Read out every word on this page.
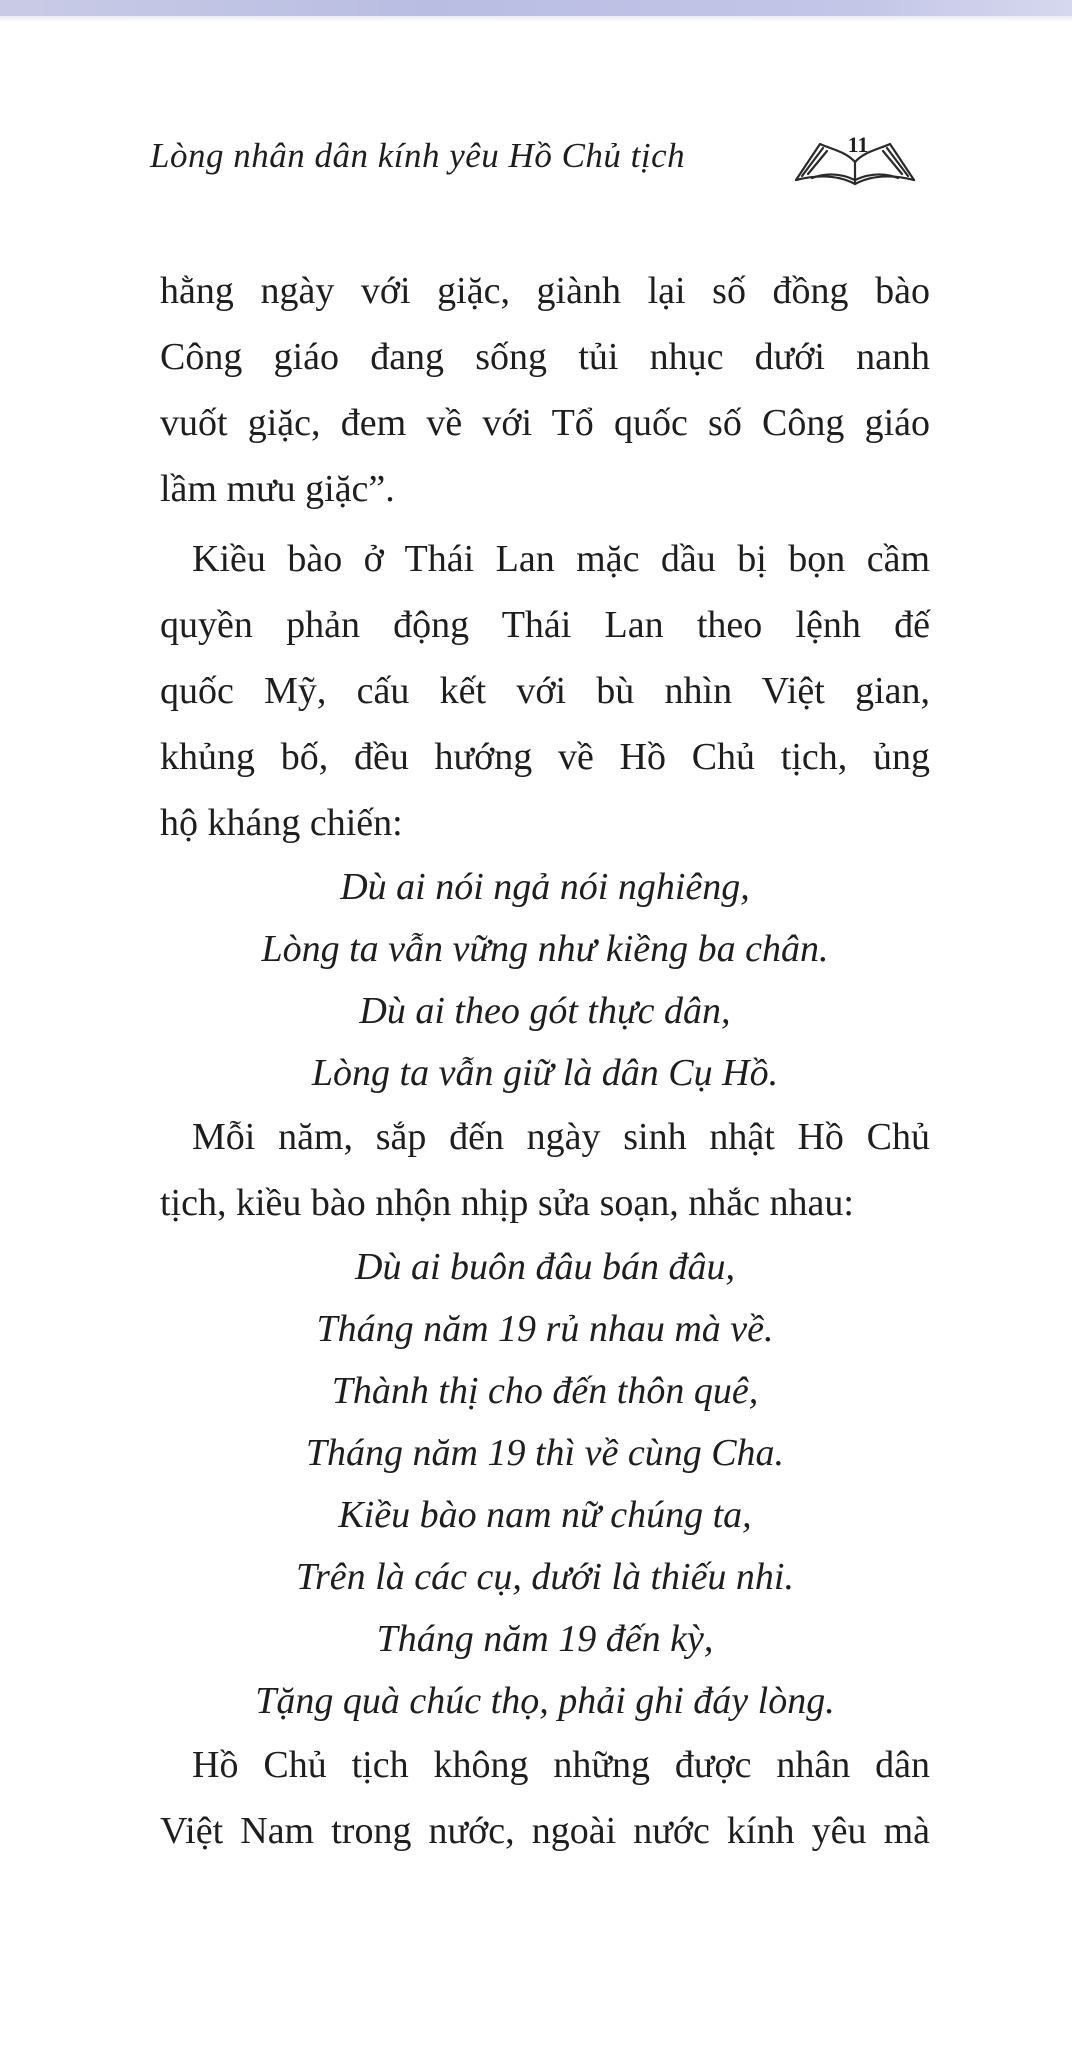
Lòng nhân dân kính yêu Hồ Chủ tịch	11

hằng ngày với giặc, giành lại số đồng bào
Công giáo đang sống tủi nhục dưới nanh
vuốt giặc, đem về với Tổ quốc số Công giáo
lầm mưu giặc”.

Kiều bào ở Thái Lan mặc dầu bị bọn cầm
quyền phản động Thái Lan theo lệnh đế
quốc Mỹ, cấu kết với bù nhìn Việt gian,
khủng bố, đều hướng về Hồ Chủ tịch, ủng
hộ kháng chiến:

Dù ai nói ngả nói nghiêng,
Lòng ta vẫn vững như kiềng ba chân.
Dù ai theo gót thực dân,
Lòng ta vẫn giữ là dân Cụ Hồ.

Mỗi năm, sắp đến ngày sinh nhật Hồ Chủ
tịch, kiều bào nhộn nhịp sửa soạn, nhắc nhau:

Dù ai buôn đâu bán đâu,
Tháng năm 19 rủ nhau mà về.
Thành thị cho đến thôn quê,
Tháng năm 19 thì về cùng Cha.
Kiều bào nam nữ chúng ta,
Trên là các cụ, dưới là thiếu nhi.
Tháng năm 19 đến kỳ,
Tặng quà chúc thọ, phải ghi đáy lòng.

Hồ Chủ tịch không những được nhân dân
Việt Nam trong nước, ngoài nước kính yêu mà
